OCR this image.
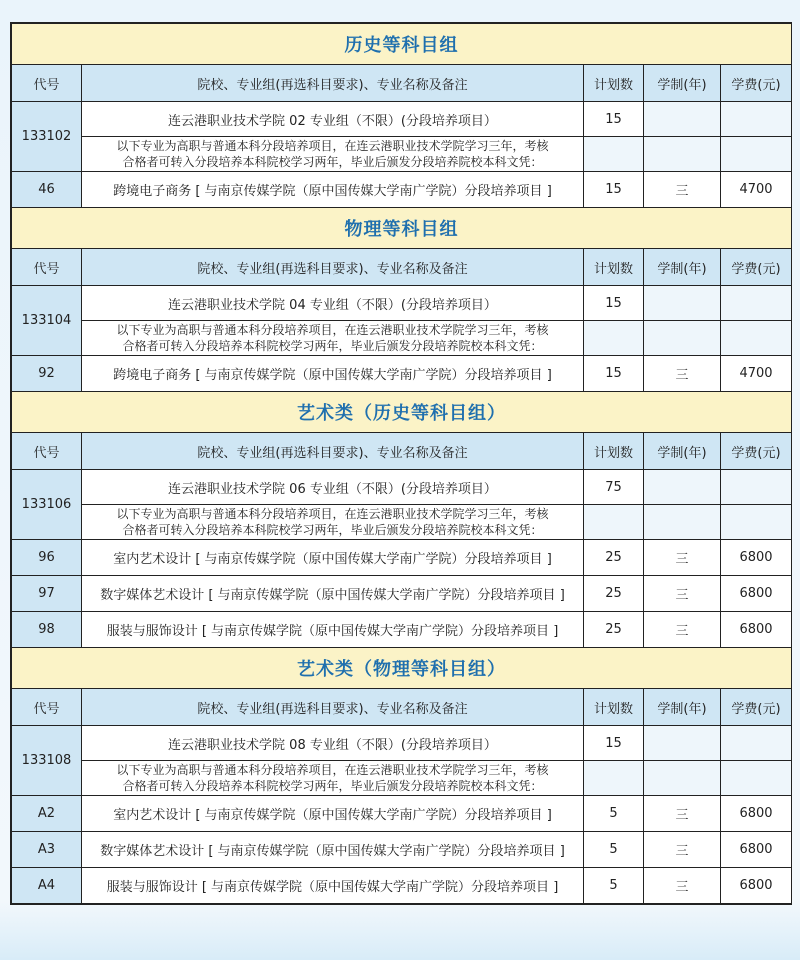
历史等科目组				
代号	院校、专业组(再选科目要求)、专业名称及备注	计划数	学制(年)	学费(元)
133102	连云港职业技术学院 02 专业组（不限）(分段培养项目）	15		

	以下专业为高职与普通本科分段培养项目，在连云港职业技术学院学习三年，考核
合格者可转入分段培养本科院校学习两年，毕业后颁发分段培养院校本科文凭：			

46	跨境电子商务 [ 与南京传媒学院（原中国传媒大学南广学院）分段培养项目 ]	15	三	4700
物理等科目组				
代号	院校、专业组(再选科目要求)、专业名称及备注	计划数	学制(年)	学费(元)
133104	连云港职业技术学院 04 专业组（不限）(分段培养项目）	15		

	以下专业为高职与普通本科分段培养项目，在连云港职业技术学院学习三年，考核
合格者可转入分段培养本科院校学习两年，毕业后颁发分段培养院校本科文凭：			

92	跨境电子商务 [ 与南京传媒学院（原中国传媒大学南广学院）分段培养项目 ]	15	三	4700
艺术类（历史等科目组）				
代号	院校、专业组(再选科目要求)、专业名称及备注	计划数	学制(年)	学费(元)
133106	连云港职业技术学院 06 专业组（不限）(分段培养项目）	75		

	以下专业为高职与普通本科分段培养项目，在连云港职业技术学院学习三年，考核
合格者可转入分段培养本科院校学习两年，毕业后颁发分段培养院校本科文凭：			

96	室内艺术设计 [ 与南京传媒学院（原中国传媒大学南广学院）分段培养项目 ]	25	三	6800
97	数字媒体艺术设计 [ 与南京传媒学院（原中国传媒大学南广学院）分段培养项目 ]	25	三	6800
98	服装与服饰设计 [ 与南京传媒学院（原中国传媒大学南广学院）分段培养项目 ]	25	三	6800
艺术类（物理等科目组）				
代号	院校、专业组(再选科目要求)、专业名称及备注	计划数	学制(年)	学费(元)
133108	连云港职业技术学院 08 专业组（不限）(分段培养项目）	15		

	以下专业为高职与普通本科分段培养项目，在连云港职业技术学院学习三年，考核
合格者可转入分段培养本科院校学习两年，毕业后颁发分段培养院校本科文凭：			

A2	室内艺术设计 [ 与南京传媒学院（原中国传媒大学南广学院）分段培养项目 ]	5	三	6800
A3	数字媒体艺术设计 [ 与南京传媒学院（原中国传媒大学南广学院）分段培养项目 ]	5	三	6800
A4	服装与服饰设计 [ 与南京传媒学院（原中国传媒大学南广学院）分段培养项目 ]	5	三	6800
